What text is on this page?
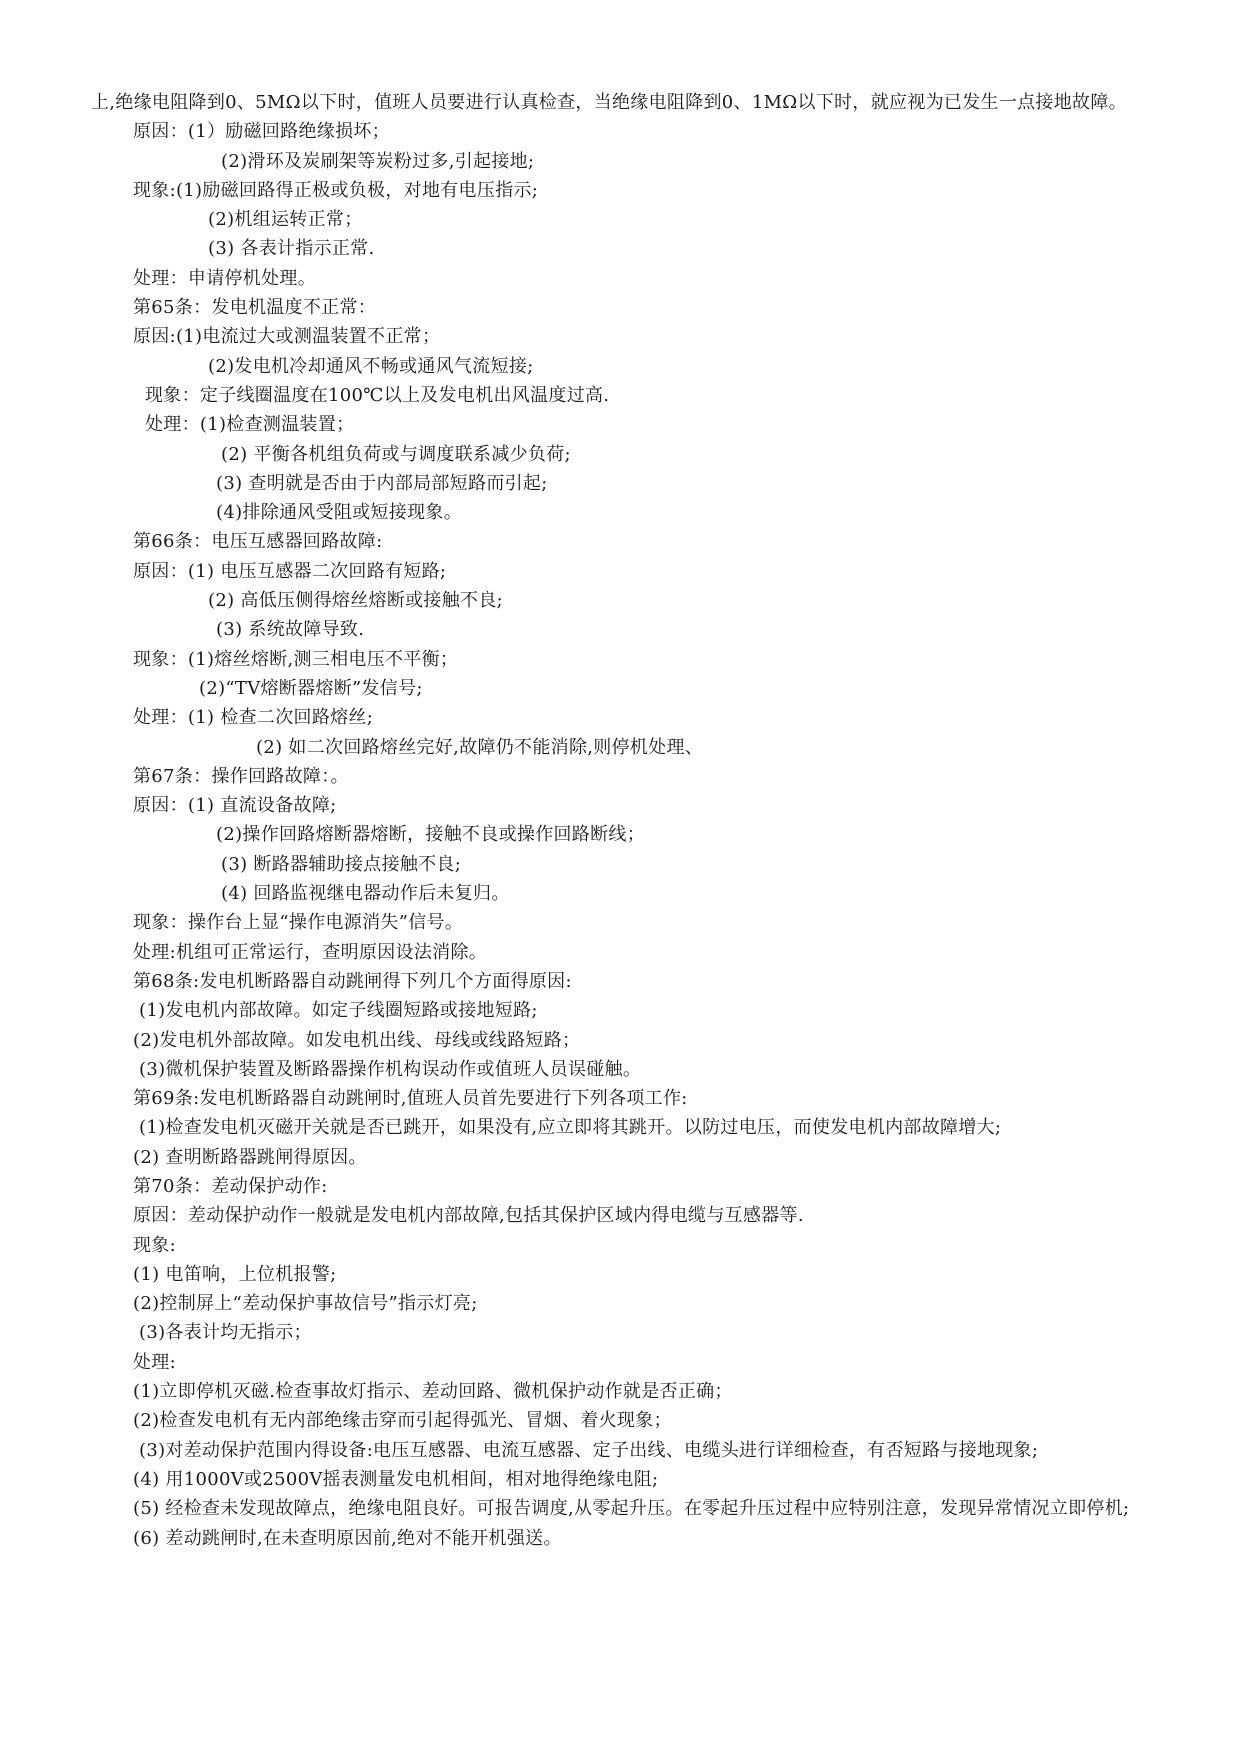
上,绝缘电阻降到0、5MΩ以下时，值班人员要进行认真检查，当绝缘电阻降到0、1MΩ以下时，就应视为已发生一点接地故障。
原因：(1）励磁回路绝缘损坏；
(2)滑环及炭刷架等炭粉过多,引起接地;
现象:(1)励磁回路得正极或负极，对地有电压指示;
(2)机组运转正常；
(3) 各表计指示正常.
处理：申请停机处理。
第65条：发电机温度不正常：
原因:(1)电流过大或测温装置不正常；
(2)发电机冷却通风不畅或通风气流短接;
现象：定子线圈温度在100℃以上及发电机出风温度过高.
处理：(1)检查测温装置；
(2) 平衡各机组负荷或与调度联系减少负荷;
(3) 查明就是否由于内部局部短路而引起;
(4)排除通风受阻或短接现象。
第66条：电压互感器回路故障:
原因：(1) 电压互感器二次回路有短路;
(2) 高低压侧得熔丝熔断或接触不良;
(3) 系统故障导致.
现象：(1)熔丝熔断,测三相电压不平衡；
(2)“TV熔断器熔断”发信号;
处理：(1) 检查二次回路熔丝;
(2) 如二次回路熔丝完好,故障仍不能消除,则停机处理、
第67条：操作回路故障：。
原因：(1) 直流设备故障;
(2)操作回路熔断器熔断，接触不良或操作回路断线；
(3) 断路器辅助接点接触不良;
(4) 回路监视继电器动作后未复归。
现象：操作台上显“操作电源消失”信号。
处理:机组可正常运行，查明原因设法消除。
第68条:发电机断路器自动跳闸得下列几个方面得原因:
(1)发电机内部故障。如定子线圈短路或接地短路;
(2)发电机外部故障。如发电机出线、母线或线路短路；
(3)微机保护装置及断路器操作机构误动作或值班人员误碰触。
第69条:发电机断路器自动跳闸时,值班人员首先要进行下列各项工作:
(1)检查发电机灭磁开关就是否已跳开，如果没有,应立即将其跳开。以防过电压，而使发电机内部故障增大;
(2) 查明断路器跳闸得原因。
第70条：差动保护动作:
原因：差动保护动作一般就是发电机内部故障,包括其保护区域内得电缆与互感器等.
现象:
(1) 电笛响，上位机报警;
(2)控制屏上“差动保护事故信号”指示灯亮;
(3)各表计均无指示；
处理:
(1)立即停机灭磁.检查事故灯指示、差动回路、微机保护动作就是否正确；
(2)检查发电机有无内部绝缘击穿而引起得弧光、冒烟、着火现象；
(3)对差动保护范围内得设备:电压互感器、电流互感器、定子出线、电缆头进行详细检查，有否短路与接地现象;
(4) 用1000V或2500V摇表测量发电机相间，相对地得绝缘电阻;
(5) 经检查未发现故障点，绝缘电阻良好。可报告调度,从零起升压。在零起升压过程中应特别注意，发现异常情况立即停机;
(6) 差动跳闸时,在未查明原因前,绝对不能开机强送。
